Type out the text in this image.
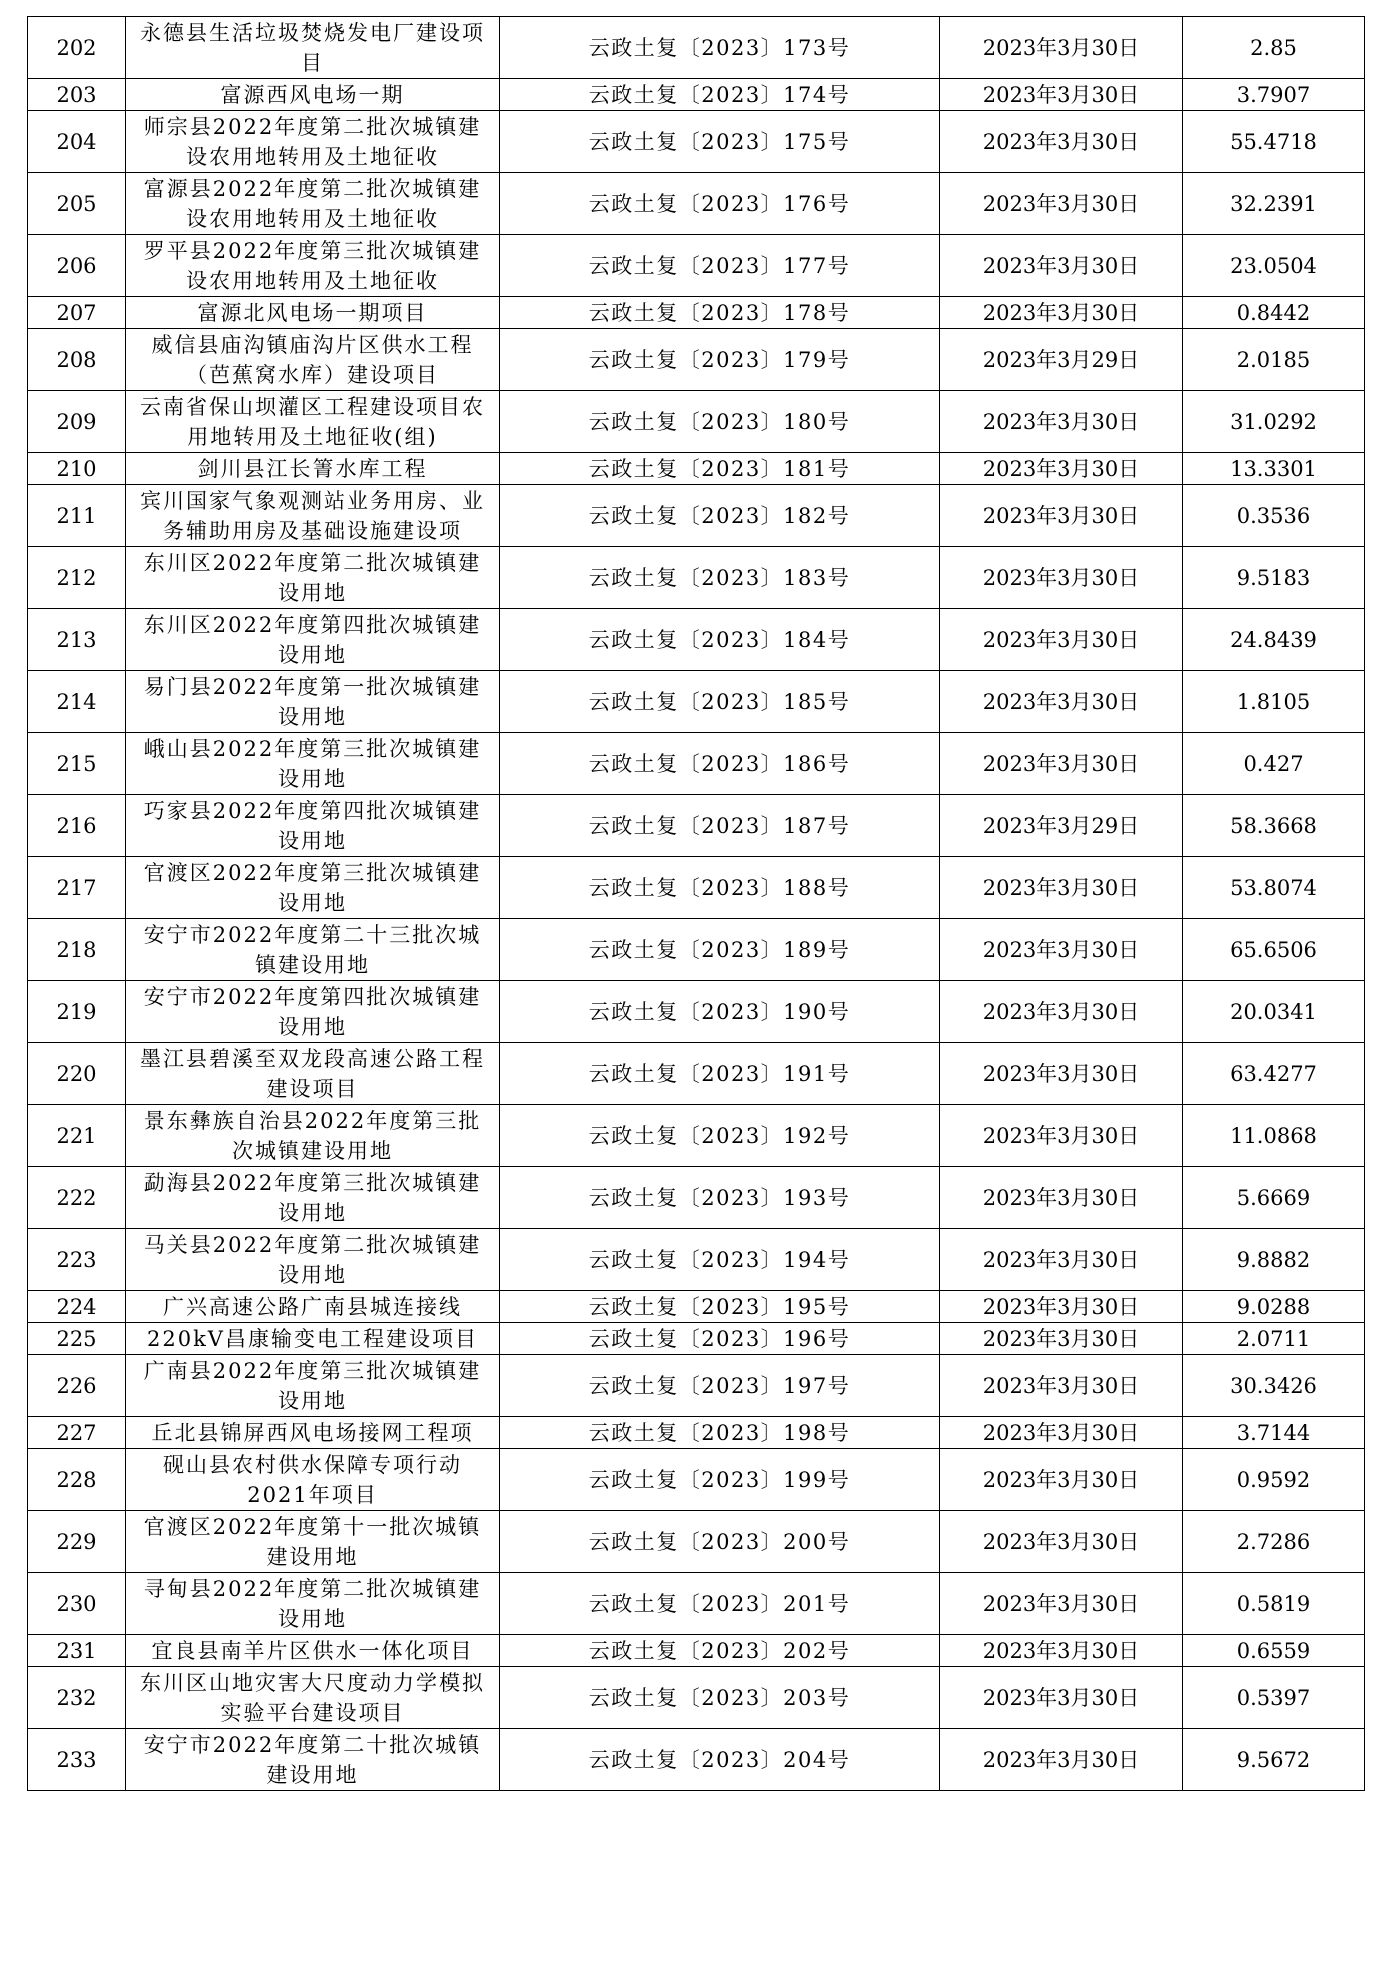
202	永德县生活垃圾焚烧发电厂建设项目	云政土复〔2023〕173号	2023年3月30日	2.85
203	富源西风电场一期	云政土复〔2023〕174号	2023年3月30日	3.7907
204	师宗县2022年度第二批次城镇建设农用地转用及土地征收	云政土复〔2023〕175号	2023年3月30日	55.4718
205	富源县2022年度第二批次城镇建设农用地转用及土地征收	云政土复〔2023〕176号	2023年3月30日	32.2391
206	罗平县2022年度第三批次城镇建设农用地转用及土地征收	云政土复〔2023〕177号	2023年3月30日	23.0504
207	富源北风电场一期项目	云政土复〔2023〕178号	2023年3月30日	0.8442
208	威信县庙沟镇庙沟片区供水工程（芭蕉窝水库）建设项目	云政土复〔2023〕179号	2023年3月29日	2.0185
209	云南省保山坝灌区工程建设项目农用地转用及土地征收(组)	云政土复〔2023〕180号	2023年3月30日	31.0292
210	剑川县江长箐水库工程	云政土复〔2023〕181号	2023年3月30日	13.3301
211	宾川国家气象观测站业务用房、业务辅助用房及基础设施建设项	云政土复〔2023〕182号	2023年3月30日	0.3536
212	东川区2022年度第二批次城镇建设用地	云政土复〔2023〕183号	2023年3月30日	9.5183
213	东川区2022年度第四批次城镇建设用地	云政土复〔2023〕184号	2023年3月30日	24.8439
214	易门县2022年度第一批次城镇建设用地	云政土复〔2023〕185号	2023年3月30日	1.8105
215	峨山县2022年度第三批次城镇建设用地	云政土复〔2023〕186号	2023年3月30日	0.427
216	巧家县2022年度第四批次城镇建设用地	云政土复〔2023〕187号	2023年3月29日	58.3668
217	官渡区2022年度第三批次城镇建设用地	云政土复〔2023〕188号	2023年3月30日	53.8074
218	安宁市2022年度第二十三批次城镇建设用地	云政土复〔2023〕189号	2023年3月30日	65.6506
219	安宁市2022年度第四批次城镇建设用地	云政土复〔2023〕190号	2023年3月30日	20.0341
220	墨江县碧溪至双龙段高速公路工程建设项目	云政土复〔2023〕191号	2023年3月30日	63.4277
221	景东彝族自治县2022年度第三批次城镇建设用地	云政土复〔2023〕192号	2023年3月30日	11.0868
222	勐海县2022年度第三批次城镇建设用地	云政土复〔2023〕193号	2023年3月30日	5.6669
223	马关县2022年度第二批次城镇建设用地	云政土复〔2023〕194号	2023年3月30日	9.8882
224	广兴高速公路广南县城连接线	云政土复〔2023〕195号	2023年3月30日	9.0288
225	220kV昌康输变电工程建设项目	云政土复〔2023〕196号	2023年3月30日	2.0711
226	广南县2022年度第三批次城镇建设用地	云政土复〔2023〕197号	2023年3月30日	30.3426
227	丘北县锦屏西风电场接网工程项	云政土复〔2023〕198号	2023年3月30日	3.7144
228	砚山县农村供水保障专项行动2021年项目	云政土复〔2023〕199号	2023年3月30日	0.9592
229	官渡区2022年度第十一批次城镇建设用地	云政土复〔2023〕200号	2023年3月30日	2.7286
230	寻甸县2022年度第二批次城镇建设用地	云政土复〔2023〕201号	2023年3月30日	0.5819
231	宜良县南羊片区供水一体化项目	云政土复〔2023〕202号	2023年3月30日	0.6559
232	东川区山地灾害大尺度动力学模拟实验平台建设项目	云政土复〔2023〕203号	2023年3月30日	0.5397
233	安宁市2022年度第二十批次城镇建设用地	云政土复〔2023〕204号	2023年3月30日	9.5672
